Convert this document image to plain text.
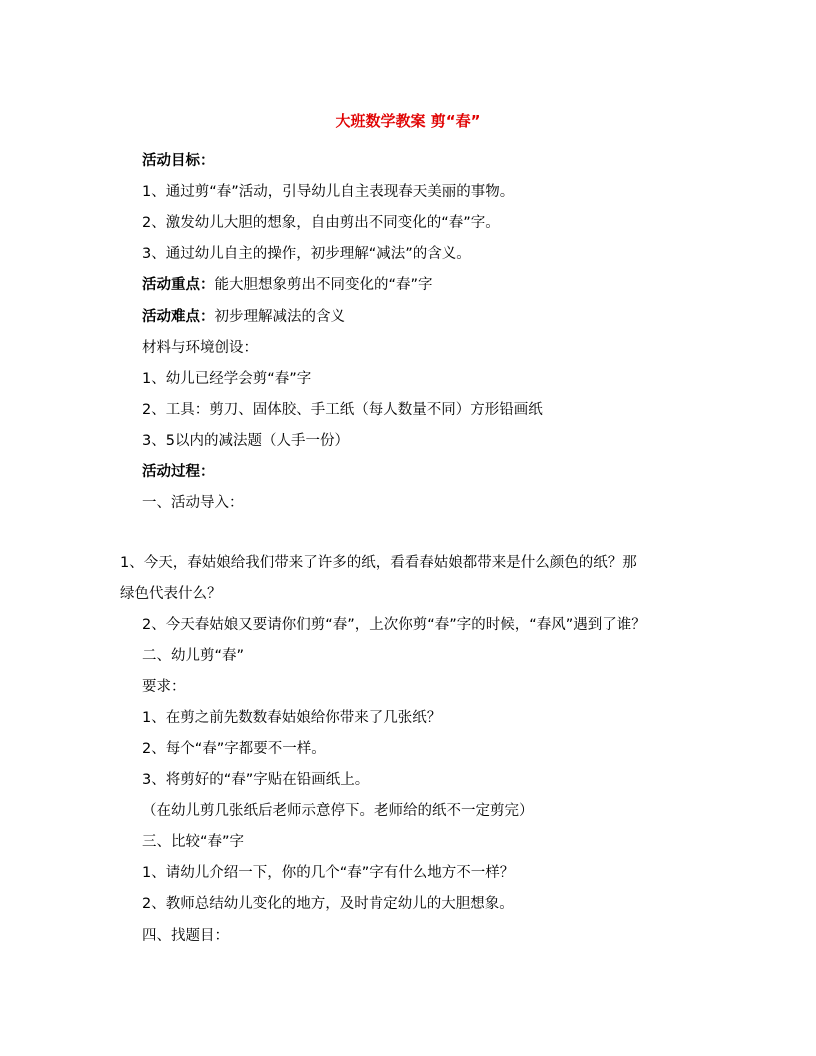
大班数学教案 剪“春”
活动目标：
1、通过剪“春”活动，引导幼儿自主表现春天美丽的事物。
2、激发幼儿大胆的想象，自由剪出不同变化的“春”字。
3、通过幼儿自主的操作，初步理解“减法”的含义。
活动重点：能大胆想象剪出不同变化的“春”字
活动难点：初步理解减法的含义
材料与环境创设：
1、幼儿已经学会剪“春”字
2、工具：剪刀、固体胶、手工纸（每人数量不同）方形铅画纸
3、5以内的减法题（人手一份）
活动过程：
一、活动导入：
1、今天，春姑娘给我们带来了许多的纸，看看春姑娘都带来是什么颜色的纸？那
绿色代表什么？
2、今天春姑娘又要请你们剪“春”，上次你剪“春”字的时候，“春风”遇到了谁？
二、幼儿剪“春”
要求：
1、在剪之前先数数春姑娘给你带来了几张纸？
2、每个“春”字都要不一样。
3、将剪好的“春”字贴在铅画纸上。
（在幼儿剪几张纸后老师示意停下。老师给的纸不一定剪完）
三、比较“春”字
1、请幼儿介绍一下，你的几个“春”字有什么地方不一样？
2、教师总结幼儿变化的地方，及时肯定幼儿的大胆想象。
四、找题目：
